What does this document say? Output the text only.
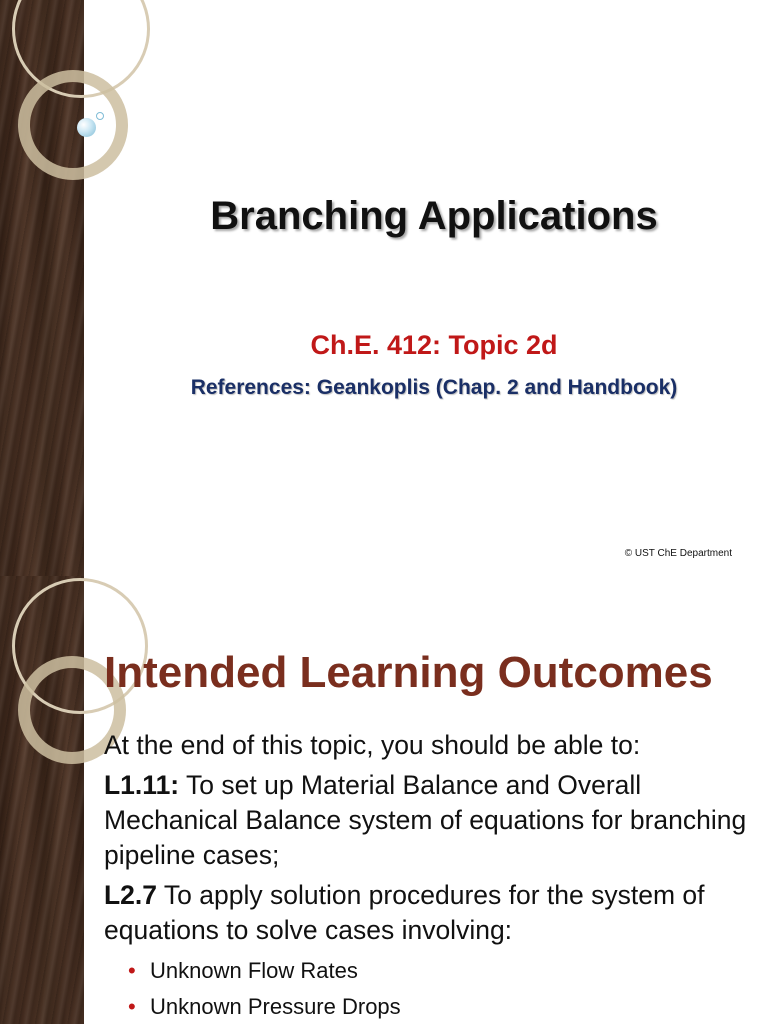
Branching Applications
Ch.E. 412: Topic 2d

References: Geankoplis (Chap. 2 and Handbook)

© UST ChE Department
Intended Learning Outcomes

At the end of this topic, you should be able to:

L1.11: To set up Material Balance and Overall Mechanical Balance system of equations for branching pipeline cases;

L2.7 To apply solution procedures for the system of equations to solve cases involving:

• Unknown Flow Rates
• Unknown Pressure Drops
